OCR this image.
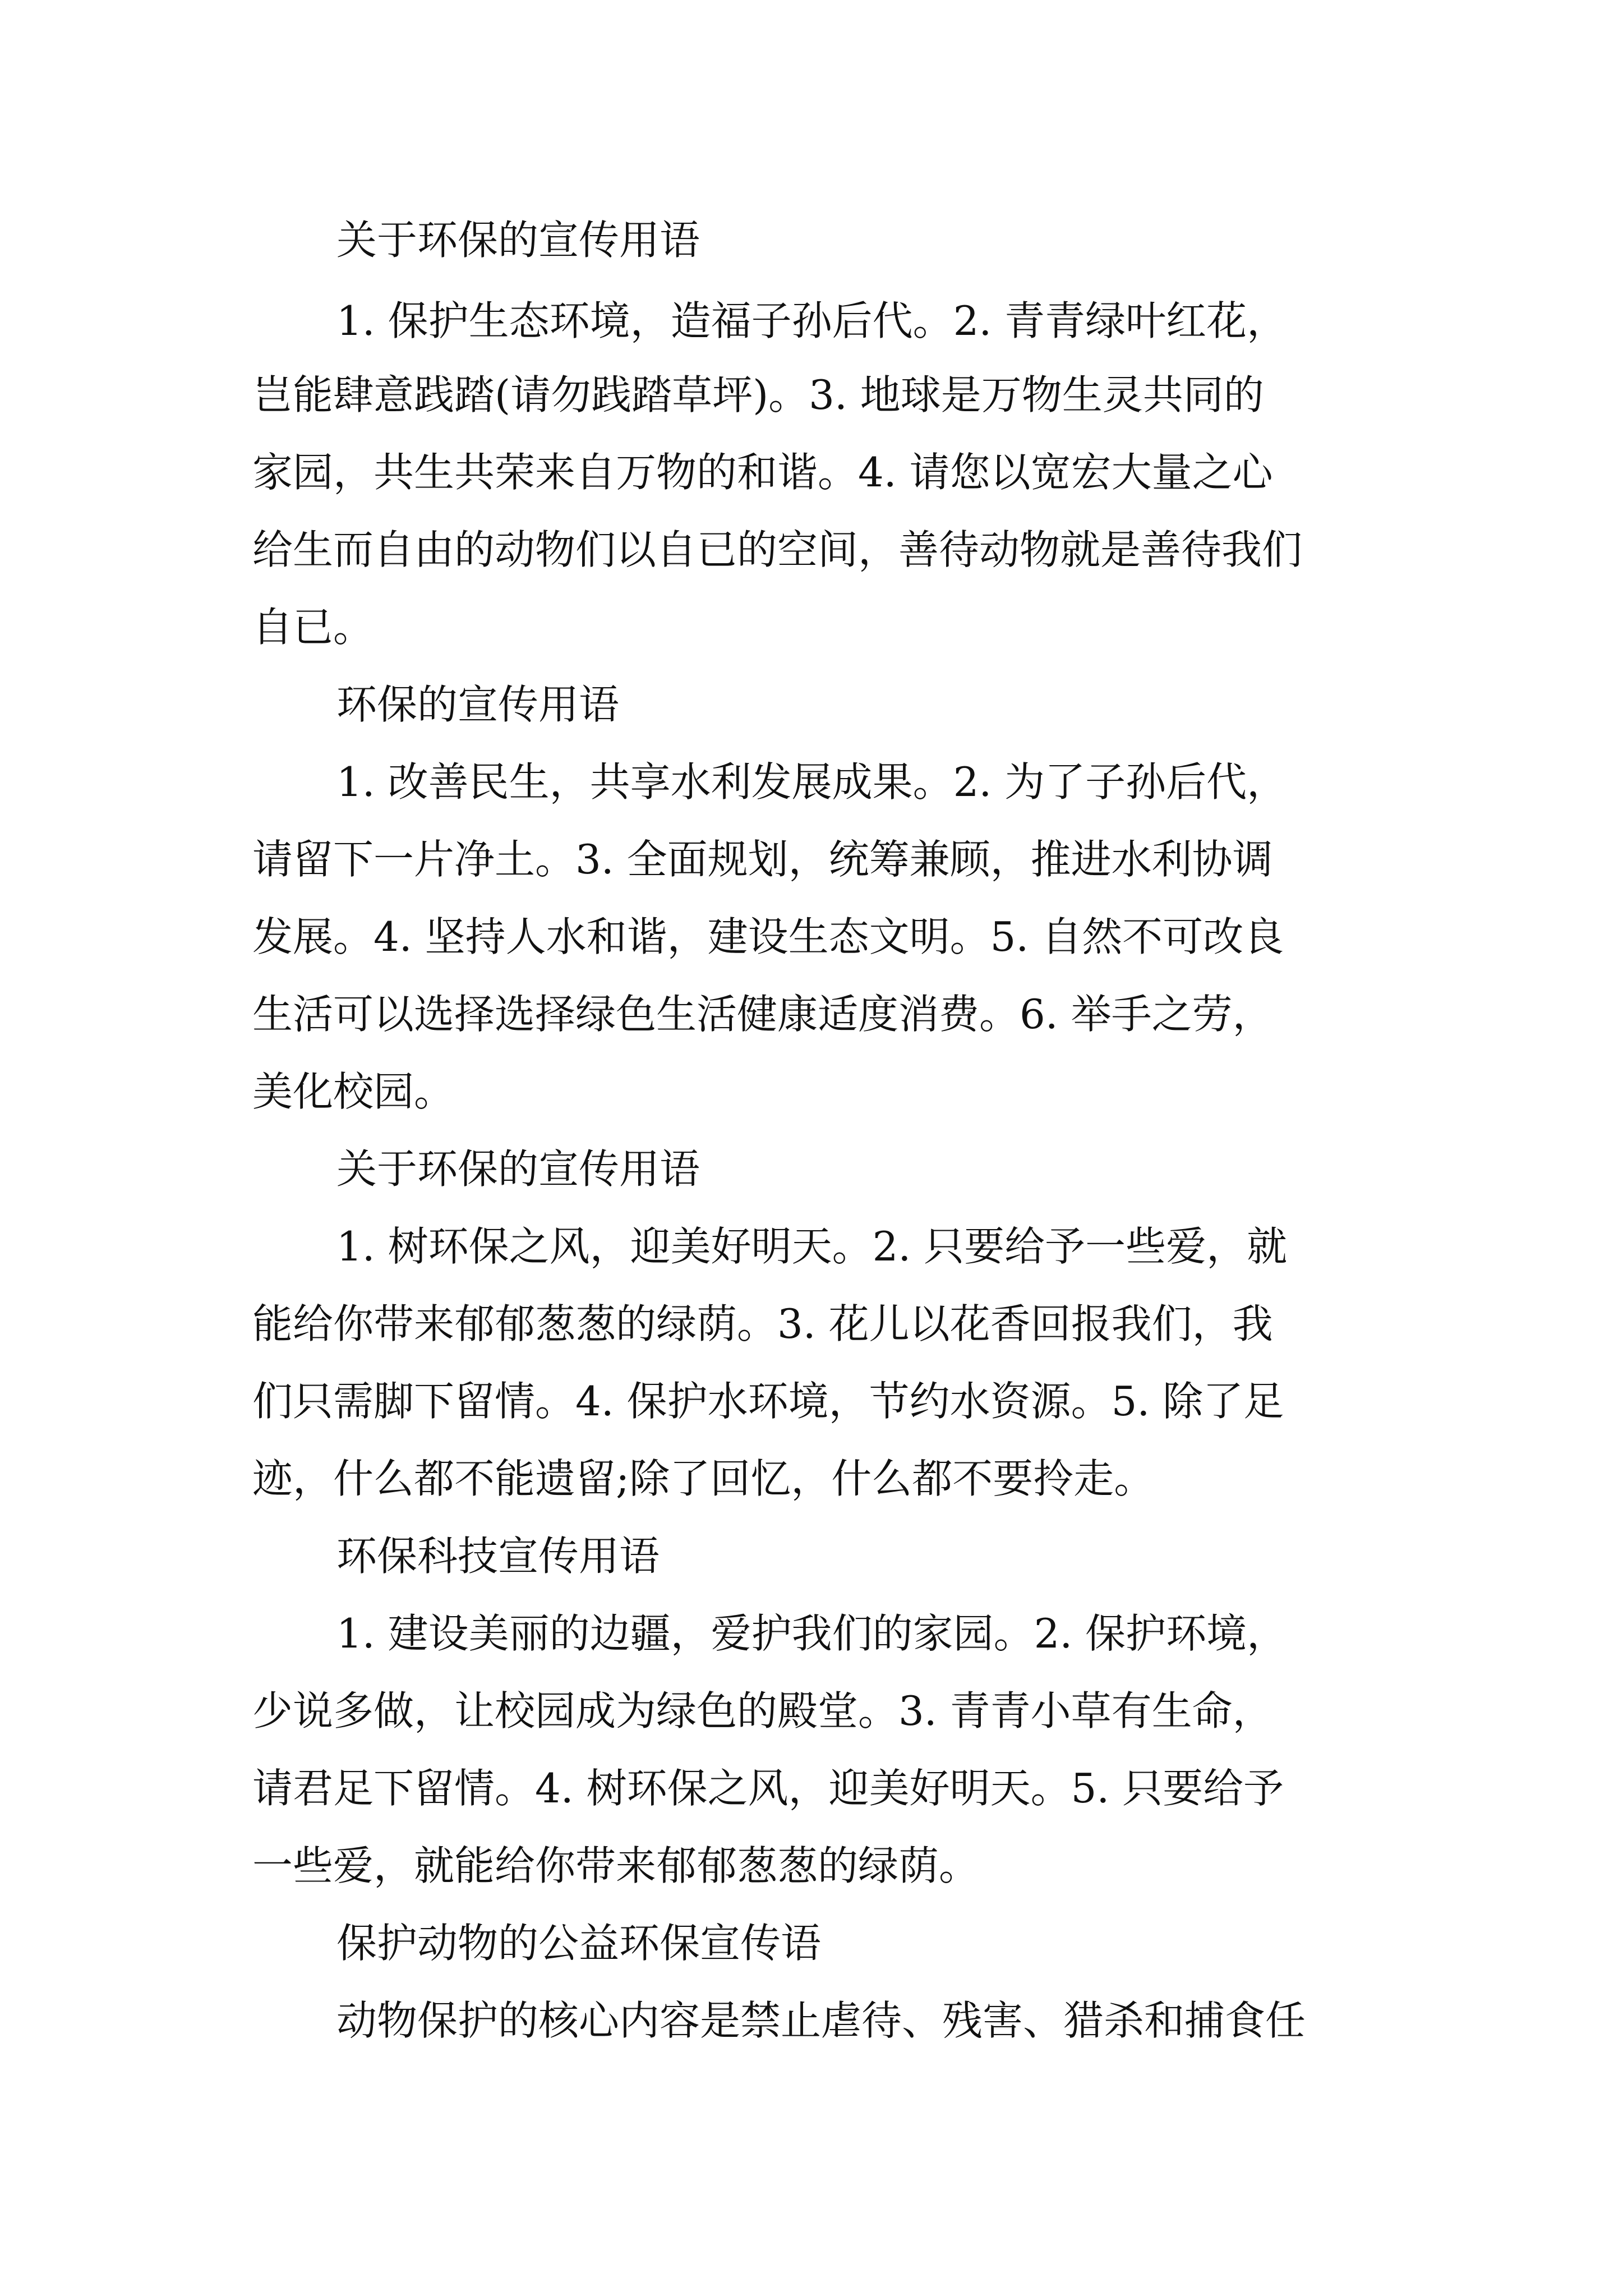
关于环保的宣传用语

1. 保护生态环境，造福子孙后代。2. 青青绿叶红花，

岂能肆意践踏(请勿践踏草坪)。3. 地球是万物生灵共同的

家园，共生共荣来自万物的和谐。4. 请您以宽宏大量之心

给生而自由的动物们以自已的空间，善待动物就是善待我们

自已。

环保的宣传用语

1. 改善民生，共享水利发展成果。2. 为了子孙后代，

请留下一片净土。3. 全面规划，统筹兼顾，推进水利协调

发展。4. 坚持人水和谐，建设生态文明。5. 自然不可改良

生活可以选择选择绿色生活健康适度消费。6. 举手之劳，

美化校园。

关于环保的宣传用语

1. 树环保之风，迎美好明天。2. 只要给予一些爱，就

能给你带来郁郁葱葱的绿荫。3. 花儿以花香回报我们，我

们只需脚下留情。4. 保护水环境，节约水资源。5. 除了足

迹，什么都不能遗留;除了回忆，什么都不要拎走。

环保科技宣传用语

1. 建设美丽的边疆，爱护我们的家园。2. 保护环境，

少说多做，让校园成为绿色的殿堂。3. 青青小草有生命，

请君足下留情。4. 树环保之风，迎美好明天。5. 只要给予

一些爱，就能给你带来郁郁葱葱的绿荫。

保护动物的公益环保宣传语

动物保护的核心内容是禁止虐待、残害、猎杀和捕食任
